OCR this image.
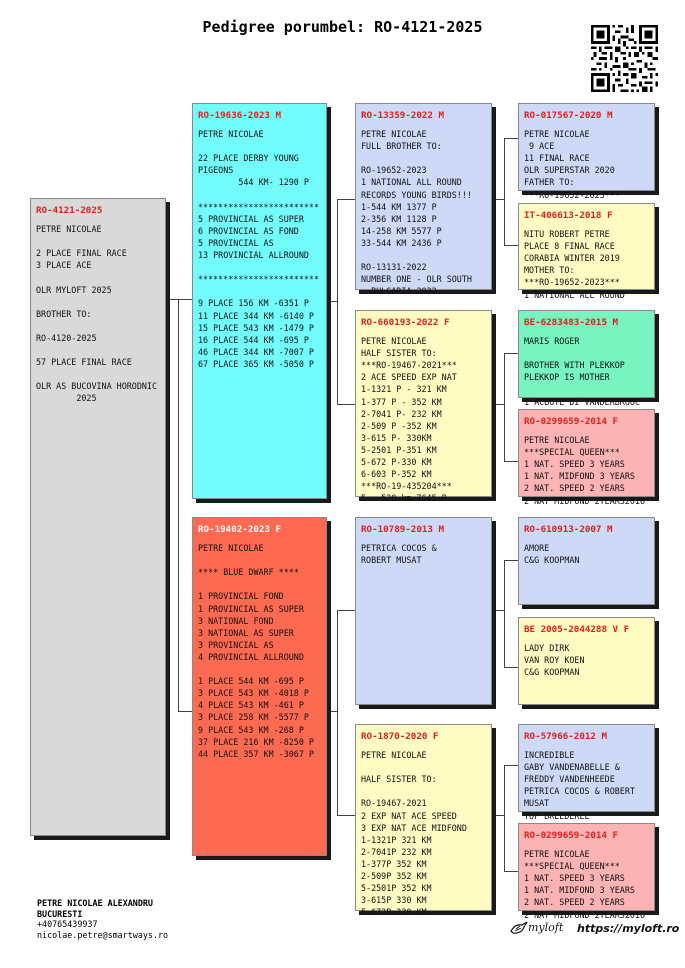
Pedigree porumbel: RO-4121-2025
RO-4121-2025
PETRE NICOLAE
2 PLACE FINAL RACE
3 PLACE ACE
OLR MYLOFT 2025
BROTHER TO:
RO-4120-2025
57 PLACE FINAL RACE
OLR AS BUCOVINA HORODNIC
2025
RO-19636-2023 M
PETRE NICOLAE
22 PLACE DERBY YOUNG
PIGEONS
544 KM- 1290 P
************************
5 PROVINCIAL AS SUPER
6 PROVINCIAL AS FOND
5 PROVINCIAL AS
13 PROVINCIAL ALLROUND
************************
9 PLACE 156 KM -6351 P
11 PLACE 344 KM -6140 P
15 PLACE 543 KM -1479 P
16 PLACE 544 KM -695 P
46 PLACE 344 KM -7007 P
67 PLACE 365 KM -5050 P
RO-19402-2023 F
PETRE NICOLAE
**** BLUE DWARF ****
1 PROVINCIAL FOND
1 PROVINCIAL AS SUPER
3 NATIONAL FOND
3 NATIONAL AS SUPER
3 PROVINCIAL AS
4 PROVINCIAL ALLROUND
1 PLACE 544 KM -695 P
3 PLACE 543 KM -4018 P
4 PLACE 543 KM -461 P
3 PLACE 258 KM -5577 P
9 PLACE 543 KM -268 P
37 PLACE 216 KM -8250 P
44 PLACE 357 KM -3067 P
RO-13359-2022 M
PETRE NICOLAE
FULL BROTHER TO:
RO-19652-2023
1 NATIONAL ALL ROUND
RECORDS YOUNG BIRDS!!!
1-544 KM 1377 P
2-356 KM 1128 P
14-258 KM 5577 P
33-544 KM 2436 P
RO-13131-2022
NUMBER ONE - OLR SOUTH
BULGARIA 2022
RO-660193-2022 F
PETRE NICOLAE
HALF SISTER TO:
***RO-19467-2021***
2 ACE SPEED EXP NAT
1-1321 P - 321 KM
1-377 P - 352 KM
2-7041 P- 232 KM
2-509 P -352 KM
3-615 P- 330KM
5-2501 P-351 KM
5-672 P-330 KM
6-603 P-352 KM
***RO-19-435204***
5 - 528 km 7645 P
RO-10789-2013 M
PETRICA COCOS &
ROBERT MUSAT
RO-1870-2020 F
PETRE NICOLAE
HALF SISTER TO:
RO-19467-2021
2 EXP NAT ACE SPEED
3 EXP NAT ACE MIDFOND
1-1321P 321 KM
2-7041P 232 KM
1-377P 352 KM
2-509P 352 KM
5-2501P 352 KM
3-615P 330 KM
5-672P 330 KM
RO-017567-2020 M
PETRE NICOLAE
9 ACE
11 FINAL RACE
OLR SUPERSTAR 2020
FATHER TO:
***RO-19652-2023***
IT-406613-2018 F
NITU ROBERT PETRE
PLACE 8 FINAL RACE
CORABIA WINTER 2019
MOTHER TO:
***RO-19652-2023***
1 NATIONAL ALL ROUND
BE-6283483-2015 M
MARIS ROGER
BROTHER WITH PLEKKOP
PLEKKOP IS MOTHER
1 ACBUTE DI VANDERBROUC
RO-0299659-2014 F
PETRE NICOLAE
***SPECIAL QUEEN***
1 NAT. SPEED 3 YEARS
1 NAT. MIDFOND 3 YEARS
2 NAT. SPEED 2 YEARS
2 NAT MIDFOND 2YEARS2016
RO-610913-2007 M
AMORE
C&G KOOPMAN
BE 2005-2044288 V F
LADY DIRK
VAN ROY KOEN
C&G KOOPMAN
RO-57966-2012 M
INCREDIBLE
GABY VANDENABELLE &
FREDDY VANDENHEEDE
PETRICA COCOS & ROBERT
MUSAT
TOP BREEDERLL
RO-0299659-2014 F
PETRE NICOLAE
***SPECIAL QUEEN***
1 NAT. SPEED 3 YEARS
1 NAT. MIDFOND 3 YEARS
2 NAT. SPEED 2 YEARS
2 NAT MIDFOND 2YEARS2016
PETRE NICOLAE ALEXANDRU
BUCURESTI
+40765439937
nicolae.petre@smartways.ro
myloft	https://myloft.ro
